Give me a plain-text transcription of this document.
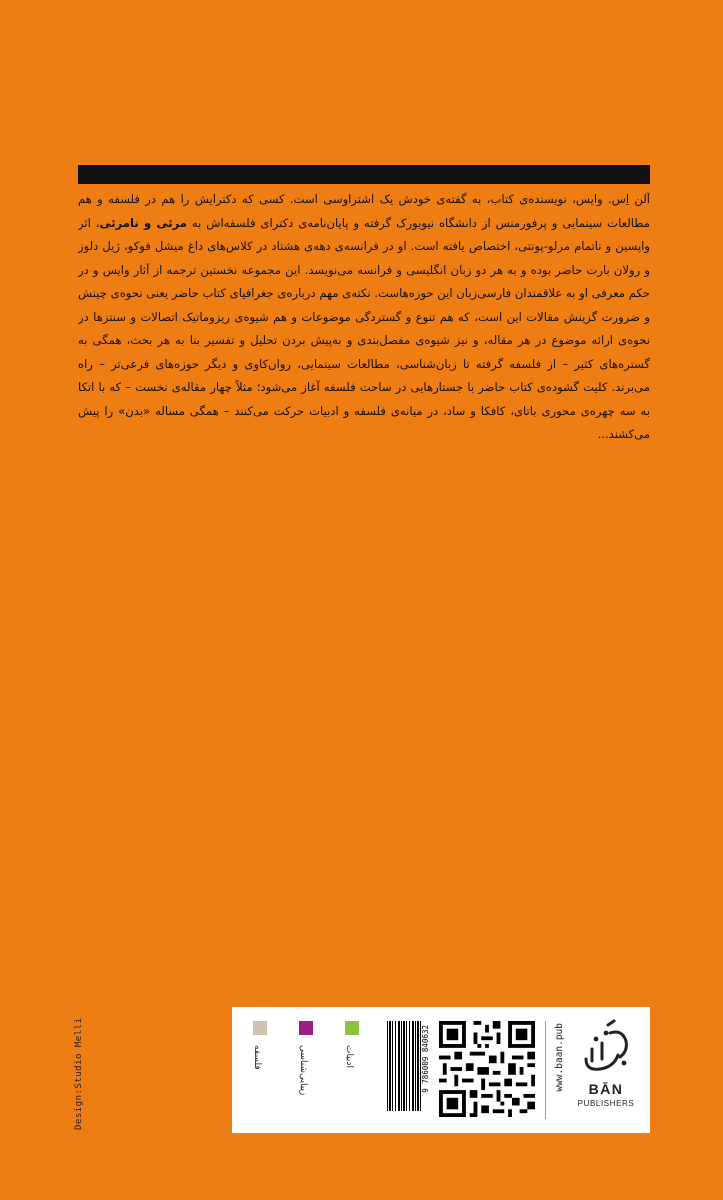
آلن اِس. وایس، نویسنده‌ی کتاب، به گفته‌ی خودش یک اشتراوسی است. کسی که دکترایش را هم در فلسفه و هم مطالعات سینمایی و پرفورمنس از دانشگاه نیویورک گرفته و پایان‌نامه‌ی دکترای فلسفه‌اش به مرئی و نامرئی، اثر واپسین و ناتمام مرلو-پونتی، اختصاص یافته است. او در فرانسه‌ی دهه‌ی هشتاد در کلاس‌های داغ میشل فوکو، ژیل دلوز و رولان بارت حاضر بوده و به هر دو زبان انگلیسی و فرانسه می‌نویسد. این مجموعه نخستین ترجمه از آثار وایس و در حکم معرفی او به علاقمندان فارسی‌زبان این حوزه‌هاست. نکته‌ی مهم درباره‌ی جغرافیای کتاب حاضر یعنی نحوه‌ی چینش و ضرورت گزینش مقالات این است، که هم تنوع و گستردگی موضوعات و هم شیوه‌ی ریزوماتیک اتصالات و سنتزها در نحوه‌ی ارائه موضوع در هر مقاله، و نیز شیوه‌ی مفصل‌بندی و به‌پیش بردن تحلیل و تفسیر بنا به هر بحث، همگی به گستره‌های کثیر – از فلسفه گرفته تا زبان‌شناسی، مطالعات سینمایی، روان‌کاوی و دیگر حوزه‌های فرعی‌تر – راه می‌برند. کلیت گشوده‌ی کتاب حاضر با جستارهایی در ساحت فلسفه آغاز می‌شود؛ مثلاً چهار مقاله‌ی نخست – که با اتکا به سه چهره‌ی محوری باتای، کافکا و ساد، در میانه‌ی فلسفه و ادبیات حرکت می‌کنند – همگی مساله «بدن» را پیش می‌کشند...

Design:Studio Melli	فلسفه	زیبایی‌شناسی	ادبیات	9 786009 840632	www.baan.pub	BĀN
PUBLISHERS
